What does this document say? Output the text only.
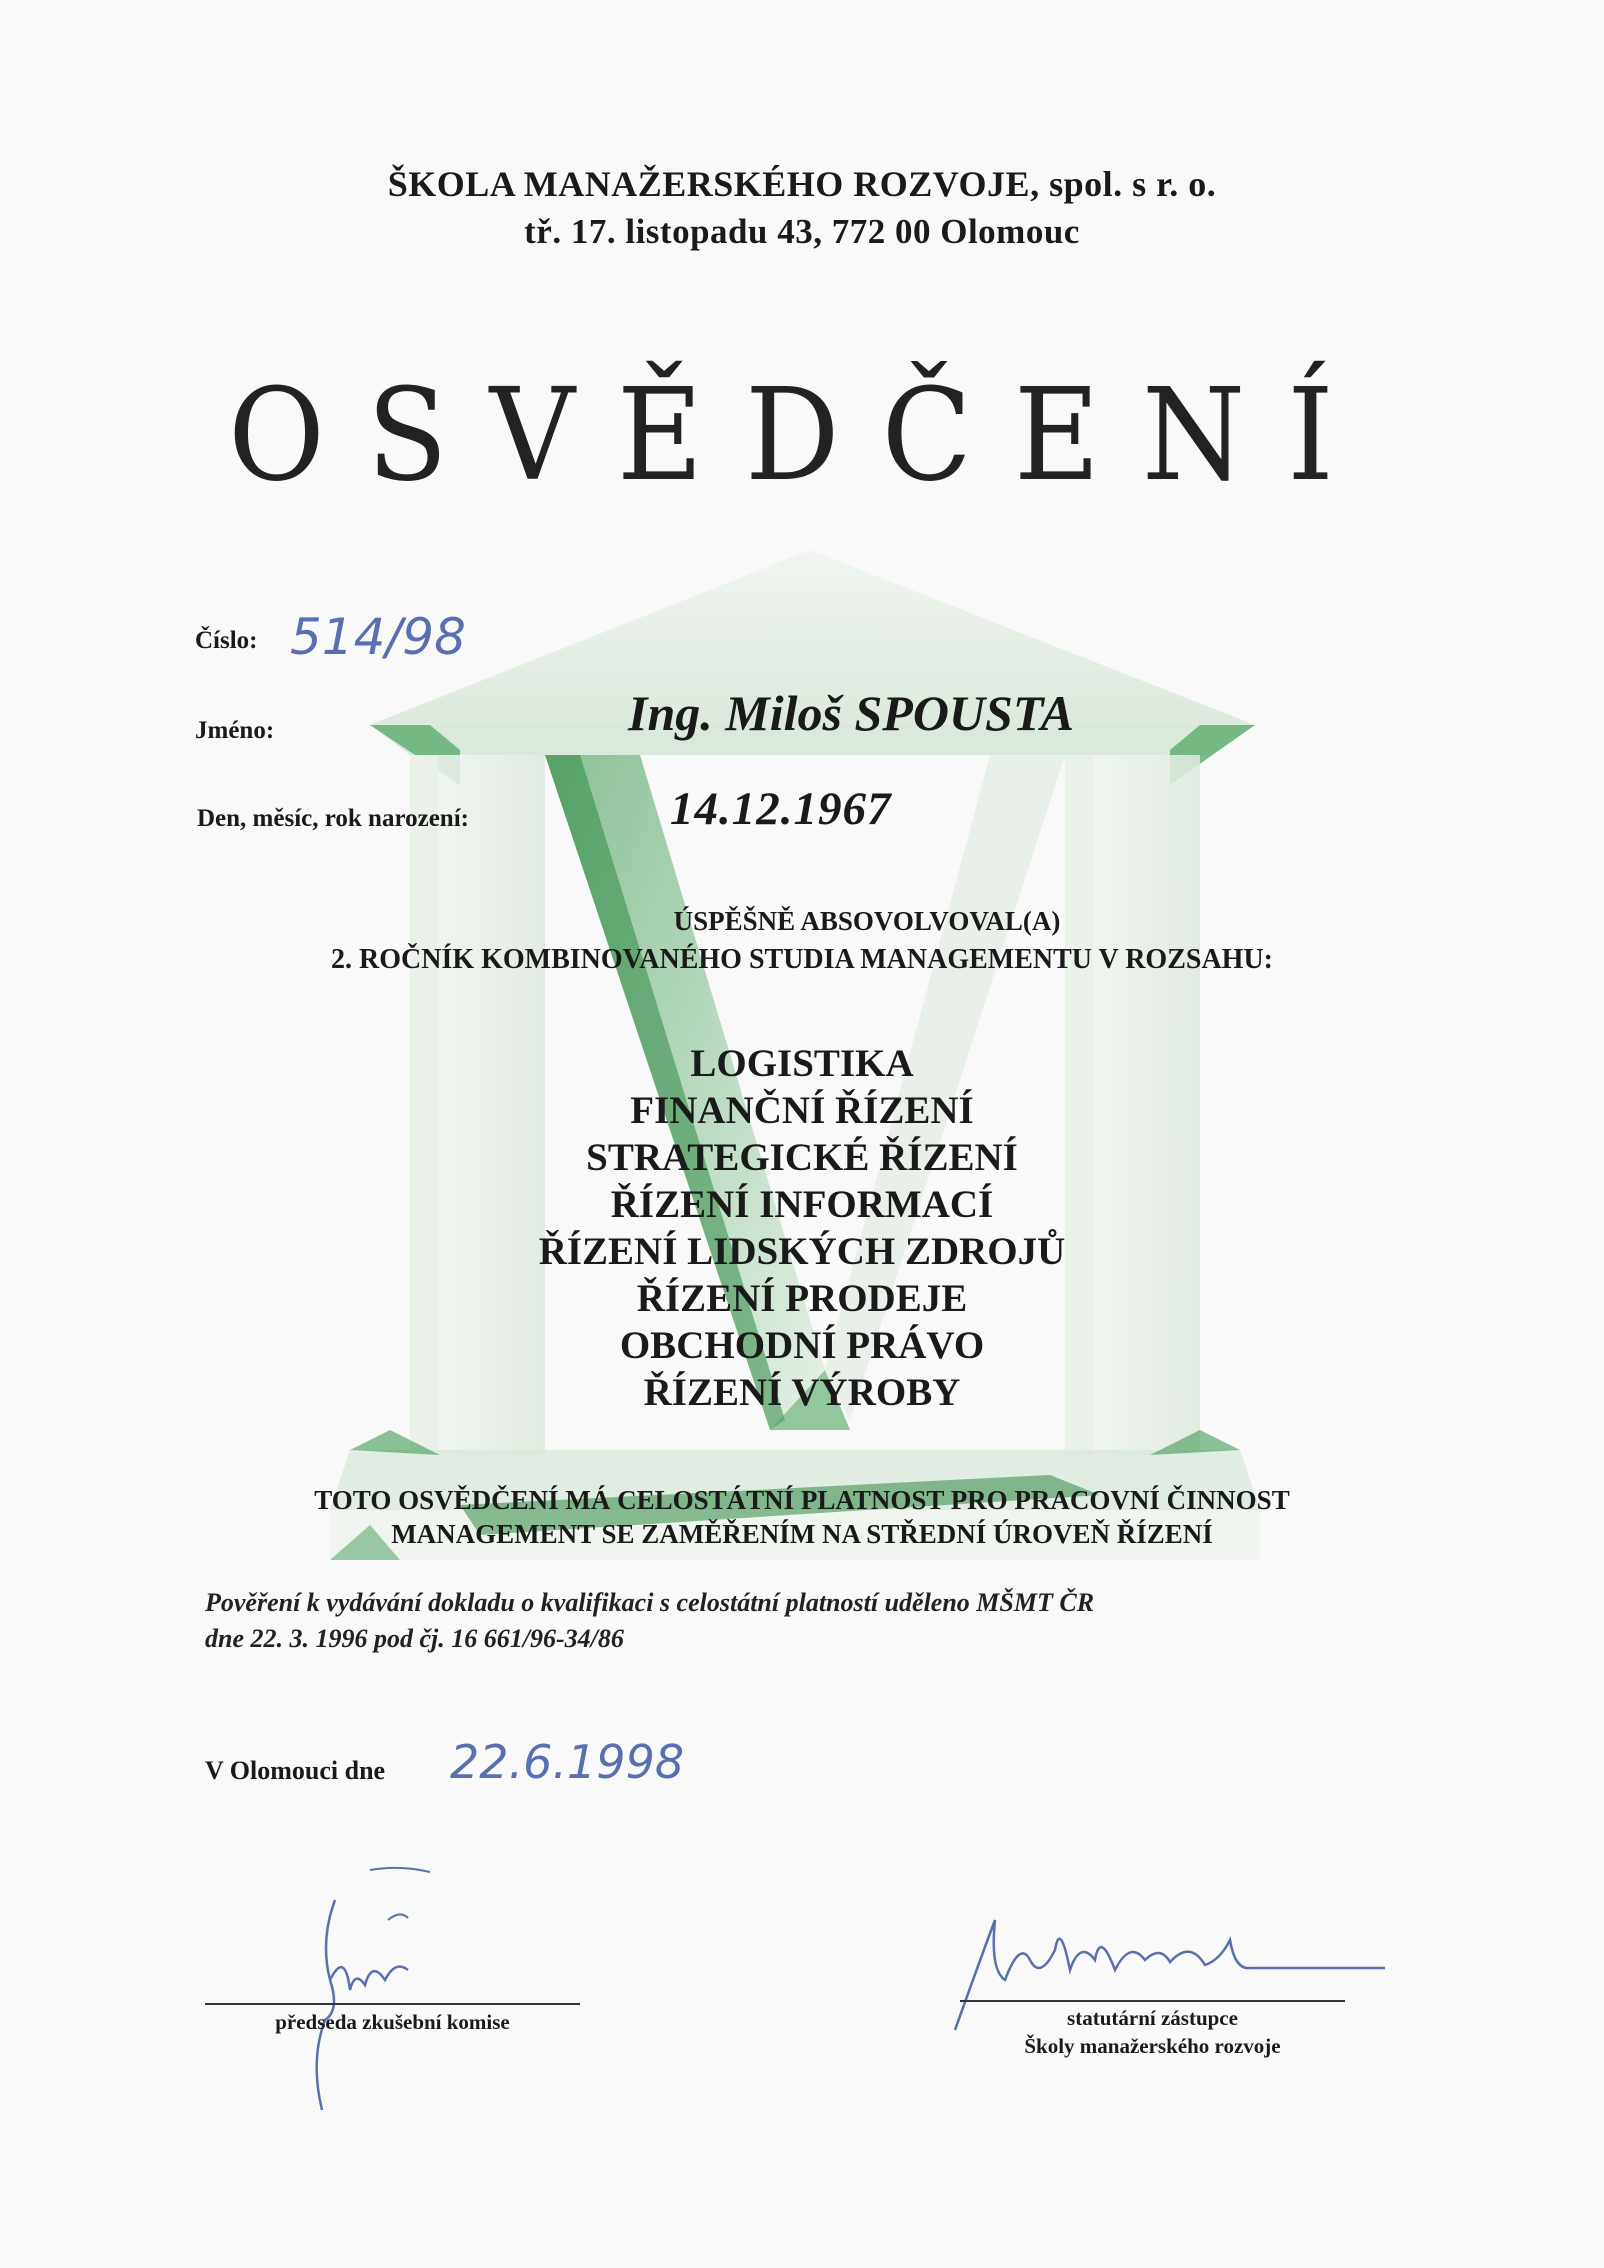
ŠKOLA MANAŽERSKÉHO ROZVOJE, spol. s r. o.
tř. 17. listopadu 43, 772 00 Olomouc
OSVĚDČENÍ
Číslo: 514/98
Jméno:	Ing. Miloš SPOUSTA
Den, měsíc, rok narození:	14.12.1967
ÚSPĚŠNĚ ABSOVOLVOVAL(A)
2. ROČNÍK KOMBINOVANÉHO STUDIA MANAGEMENTU V ROZSAHU:
LOGISTIKA
FINANČNÍ ŘÍZENÍ
STRATEGICKÉ ŘÍZENÍ
ŘÍZENÍ INFORMACÍ
ŘÍZENÍ LIDSKÝCH ZDROJŮ
ŘÍZENÍ PRODEJE
OBCHODNÍ PRÁVO
ŘÍZENÍ VÝROBY
TOTO OSVĚDČENÍ MÁ CELOSTÁTNÍ PLATNOST PRO PRACOVNÍ ČINNOST
MANAGEMENT SE ZAMĚŘENÍM NA STŘEDNÍ ÚROVEŇ ŘÍZENÍ
Pověření k vydávání dokladu o kvalifikaci s celostátní platností uděleno MŠMT ČR
dne 22. 3. 1996 pod čj. 16 661/96-34/86
V Olomouci dne 22.6.1998
předseda zkušební komise	statutární zástupce
Školy manažerského rozvoje
